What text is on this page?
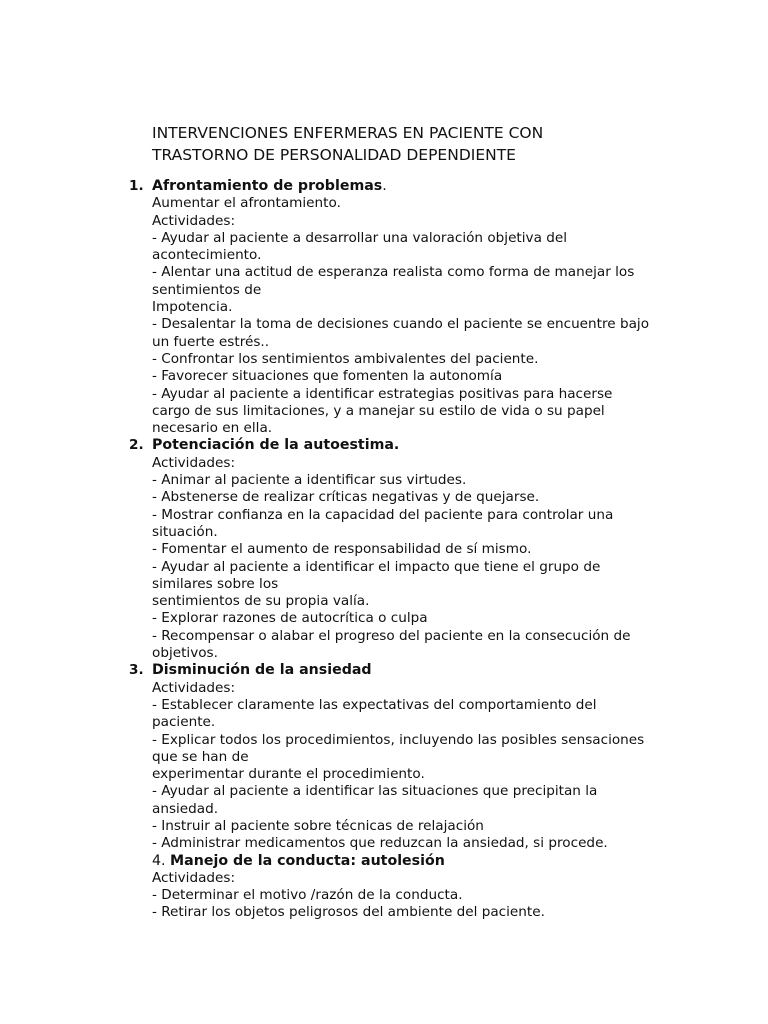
INTERVENCIONES ENFERMERAS EN PACIENTE CON
TRASTORNO DE PERSONALIDAD DEPENDIENTE
1. Afrontamiento de problemas.
Aumentar el afrontamiento.
Actividades:
- Ayudar al paciente a desarrollar una valoración objetiva del
acontecimiento.
- Alentar una actitud de esperanza realista como forma de manejar los
sentimientos de
Impotencia.
- Desalentar la toma de decisiones cuando el paciente se encuentre bajo
un fuerte estrés..
- Confrontar los sentimientos ambivalentes del paciente.
- Favorecer situaciones que fomenten la autonomía
- Ayudar al paciente a identificar estrategias positivas para hacerse
cargo de sus limitaciones, y a manejar su estilo de vida o su papel
necesario en ella.
2. Potenciación de la autoestima.
Actividades:
- Animar al paciente a identificar sus virtudes.
- Abstenerse de realizar críticas negativas y de quejarse.
- Mostrar confianza en la capacidad del paciente para controlar una
situación.
- Fomentar el aumento de responsabilidad de sí mismo.
- Ayudar al paciente a identificar el impacto que tiene el grupo de
similares sobre los
sentimientos de su propia valía.
- Explorar razones de autocrítica o culpa
- Recompensar o alabar el progreso del paciente en la consecución de
objetivos.
3. Disminución de la ansiedad
Actividades:
- Establecer claramente las expectativas del comportamiento del
paciente.
- Explicar todos los procedimientos, incluyendo las posibles sensaciones
que se han de
experimentar durante el procedimiento.
- Ayudar al paciente a identificar las situaciones que precipitan la
ansiedad.
- Instruir al paciente sobre técnicas de relajación
- Administrar medicamentos que reduzcan la ansiedad, si procede.
4. Manejo de la conducta: autolesión
Actividades:
- Determinar el motivo /razón de la conducta.
- Retirar los objetos peligrosos del ambiente del paciente.
